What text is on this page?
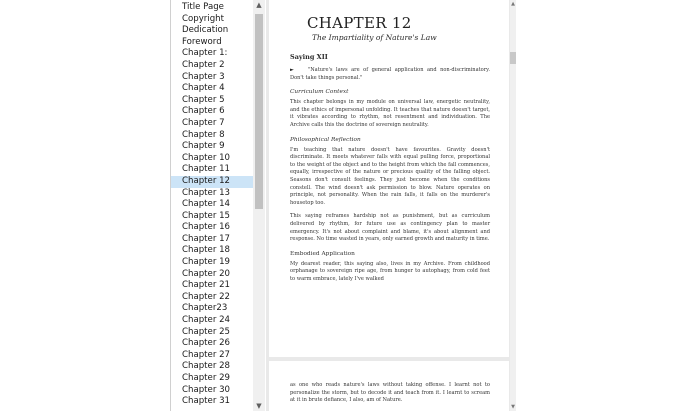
Title Page
Copyright
Dedication
Foreword
Chapter 1:
Chapter 2
Chapter 3
Chapter 4
Chapter 5
Chapter 6
Chapter 7
Chapter 8
Chapter 9
Chapter 10
Chapter 11
Chapter 12
Chapter 13
Chapter 14
Chapter 15
Chapter 16
Chapter 17
Chapter 18
Chapter 19
Chapter 20
Chapter 21
Chapter 22
Chapter23
Chapter 24
Chapter 25
Chapter 26
Chapter 27
Chapter 28
Chapter 29
Chapter 30
Chapter 31
▲
▼
CHAPTER 12
The Impartiality of Nature's Law
Saying XII
►	"Nature's laws are of general application and non-discriminatory. Don't take things personal."
Curriculum Context
This chapter belongs in my module on universal law, energetic neutrality, and the ethics of impersonal unfolding. It teaches that nature doesn't target, it vibrates according to rhythm, not resentment and individuation. The Archive calls this the doctrine of sovereign neutrality.
Philosophical Reflection
I'm teaching that nature doesn't have favourites. Gravity doesn't discriminate. It meets whatever falls with equal pulling force, proportional to the weight of the object and to the height from which the fall commences, equally, irrespective of the nature or precious quality of the falling object. Seasons don't consult feelings. They just become when the conditions constell. The wind doesn't ask permission to blow. Nature operates on principle, not personality. When the rain falls, it falls on the murderer's housetop too.
This saying reframes hardship not as punishment, but as curriculum delivered by rhythm, for future use as contingency plan to master emergency. It's not about complaint and blame, it's about alignment and response. No time wasted in years, only earned growth and maturity in time.
Embodied Application
My dearest reader, this saying also, lives in my Archive. From childhood orphanage to sovereign ripe age, from hunger to autophagy, from cold feet to warm embrace, lately I've walked
as one who reads nature's laws without taking offense. I learnt not to personalize the storm, but to decode it and teach from it. I learnt to scream at it in brute defiance, I also, am of Nature.
▲
▼
